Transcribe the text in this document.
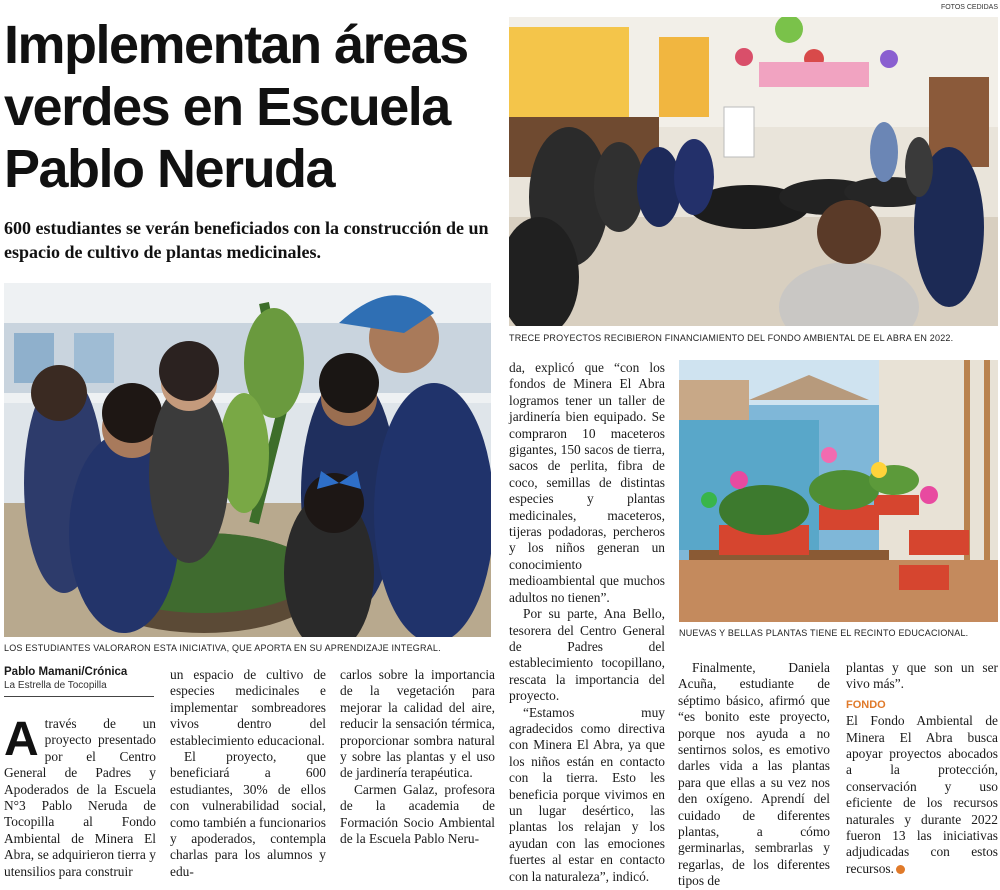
FOTOS CEDIDAS
Implementan áreas verdes en Escuela Pablo Neruda
600 estudiantes se verán beneficiados con la construcción de un espacio de cultivo de plantas medicinales.
LOS ESTUDIANTES VALORARON ESTA INICIATIVA, QUE APORTA EN SU APRENDIZAJE INTEGRAL.
TRECE PROYECTOS RECIBIERON FINANCIAMIENTO DEL FONDO AMBIENTAL DE EL ABRA EN 2022.
NUEVAS Y BELLAS PLANTAS TIENE EL RECINTO EDUCACIONAL.
Pablo Mamani/Crónica
La Estrella de Tocopilla

Através de un proyecto presentado por el Centro General de Padres y Apoderados de la Escuela N°3 Pablo Neruda de Tocopilla al Fondo Ambiental de Minera El Abra, se adquirieron tierra y utensilios para construir

un espacio de cultivo de especies medicinales e implementar sombreadores vivos dentro del establecimiento educacional.

El proyecto, que beneficiará a 600 estudiantes, 30% de ellos con vulnerabilidad social, como también a funcionarios y apoderados, contempla charlas para los alumnos y edu-

carlos sobre la importancia de la vegetación para mejorar la calidad del aire, reducir la sensación térmica, proporcionar sombra natural y sobre las plantas y el uso de jardinería terapéutica.

Carmen Galaz, profesora de la academia de Formación Socio Ambiental de la Escuela Pablo Neru-

da, explicó que “con los fondos de Minera El Abra logramos tener un taller de jardinería bien equipado. Se compraron 10 maceteros gigantes, 150 sacos de tierra, sacos de perlita, fibra de coco, semillas de distintas especies y plantas medicinales, maceteros, tijeras podadoras, percheros y los niños generan un conocimiento medioambiental que muchos adultos no tienen”.

Por su parte, Ana Bello, tesorera del Centro General de Padres del establecimiento tocopillano, rescata la importancia del proyecto.

“Estamos muy agradecidos como directiva con Minera El Abra, ya que los niños están en contacto con la tierra. Esto les beneficia porque vivimos en un lugar desértico, las plantas los relajan y los ayudan con las emociones fuertes al estar en contacto con la naturaleza”, indicó.

Finalmente, Daniela Acuña, estudiante de séptimo básico, afirmó que “es bonito este proyecto, porque nos ayuda a no sentirnos solos, es emotivo darles vida a las plantas para que ellas a su vez nos den oxígeno. Aprendí del cuidado de diferentes plantas, a cómo germinarlas, sembrarlas y regarlas, de los diferentes tipos de

plantas y que son un ser vivo más”.

FONDO

El Fondo Ambiental de Minera El Abra busca apoyar proyectos abocados a la protección, conservación y uso eficiente de los recursos naturales y durante 2022 fueron 13 las iniciativas adjudicadas con estos recursos.
